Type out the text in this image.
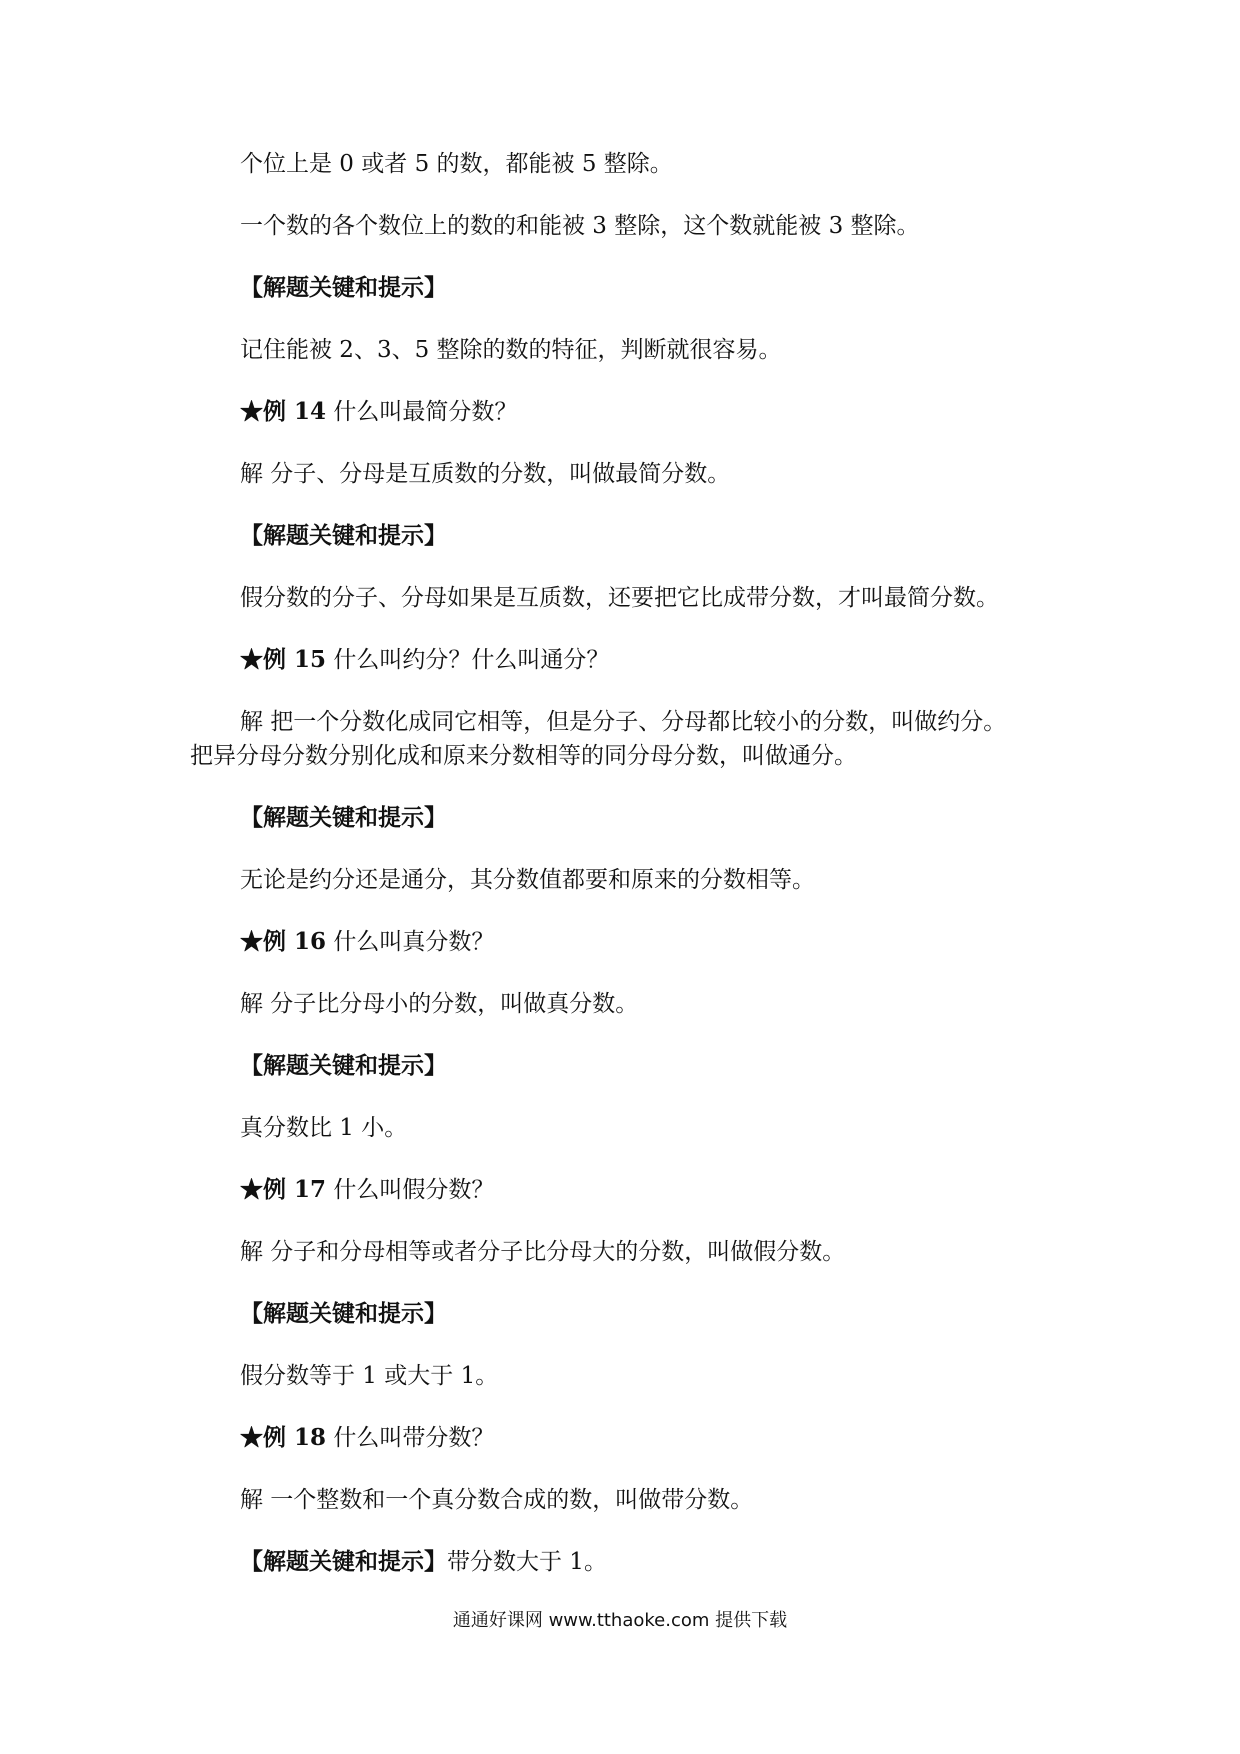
个位上是 0 或者 5 的数，都能被 5 整除。
一个数的各个数位上的数的和能被 3 整除，这个数就能被 3 整除。
【解题关键和提示】
记住能被 2、3、5 整除的数的特征，判断就很容易。
★例 14 什么叫最简分数？
解 分子、分母是互质数的分数，叫做最简分数。
【解题关键和提示】
假分数的分子、分母如果是互质数，还要把它比成带分数，才叫最简分数。
★例 15 什么叫约分？什么叫通分？
解 把一个分数化成同它相等，但是分子、分母都比较小的分数，叫做约分。
把异分母分数分别化成和原来分数相等的同分母分数，叫做通分。
【解题关键和提示】
无论是约分还是通分，其分数值都要和原来的分数相等。
★例 16 什么叫真分数？
解 分子比分母小的分数，叫做真分数。
【解题关键和提示】
真分数比 1 小。
★例 17 什么叫假分数？
解 分子和分母相等或者分子比分母大的分数，叫做假分数。
【解题关键和提示】
假分数等于 1 或大于 1。
★例 18 什么叫带分数？
解 一个整数和一个真分数合成的数，叫做带分数。
【解题关键和提示】带分数大于 1。
通通好课网 www.tthaoke.com 提供下载
